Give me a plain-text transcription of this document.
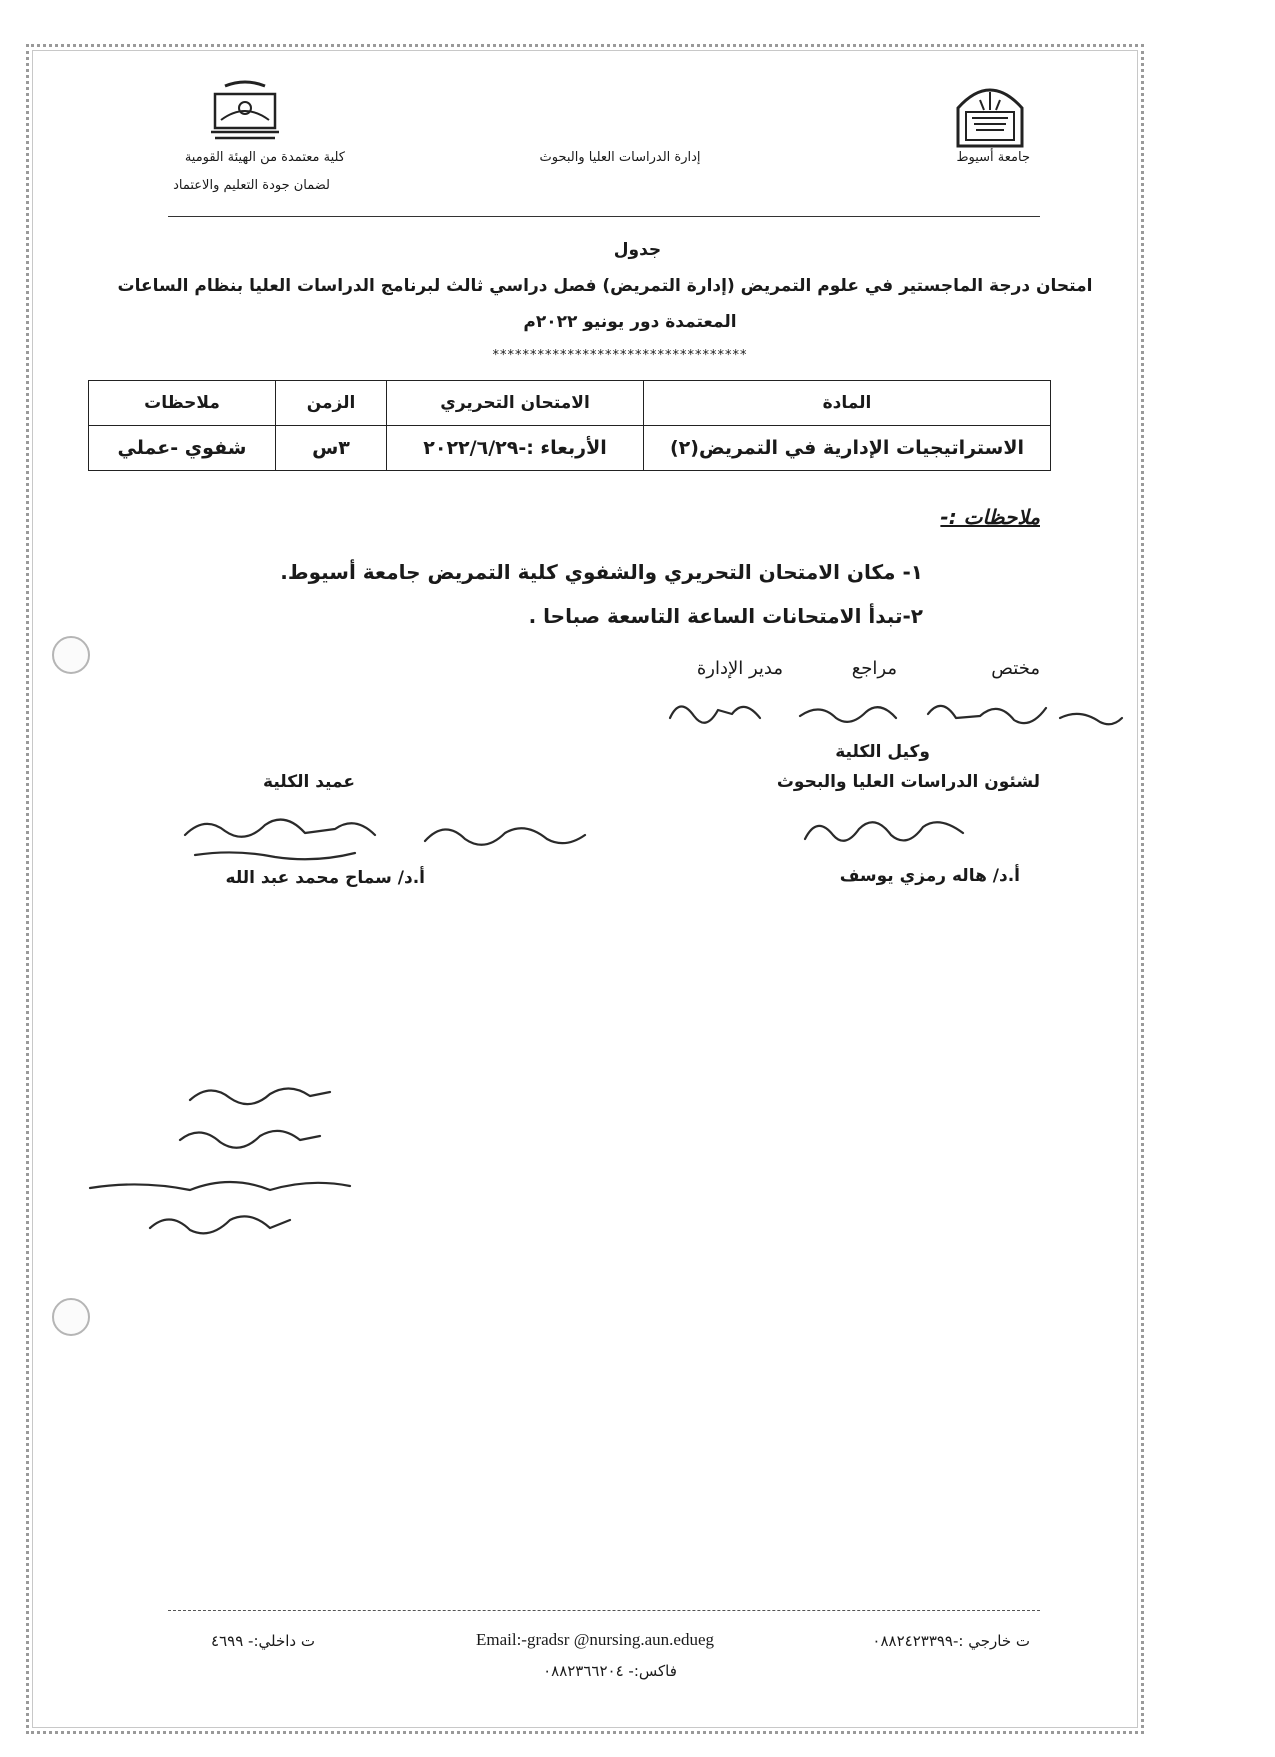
جامعة أسيوط
إدارة الدراسات العليا والبحوث
كلية معتمدة من الهيئة القومية
لضمان جودة التعليم والاعتماد
جدول
امتحان درجة الماجستير في علوم التمريض (إدارة التمريض) فصل دراسي ثالث لبرنامج الدراسات العليا بنظام الساعات
المعتمدة دور يونيو ٢٠٢٢م
**********************************
المادة	الامتحان التحريري	الزمن	ملاحظات
الاستراتيجيات الإدارية في التمريض(٢)	الأربعاء :-٢٠٢٢/٦/٢٩	٣س	شفوي -عملي
ملاحظات :-
١- مكان الامتحان التحريري والشفوي كلية التمريض جامعة أسيوط.
٢-تبدأ الامتحانات الساعة التاسعة صباحا .
مختص
مراجع
مدير الإدارة
وكيل الكلية
لشئون الدراسات العليا والبحوث
أ.د/ هاله رمزي يوسف
عميد الكلية
أ.د/ سماح محمد عبد الله
ت خارجي :-٠٨٨٢٤٢٣٣٩٩
Email:-gradsr @nursing.aun.edueg
ت داخلي:- ٤٦٩٩
فاكس:- ٠٨٨٢٣٦٦٢٠٤
